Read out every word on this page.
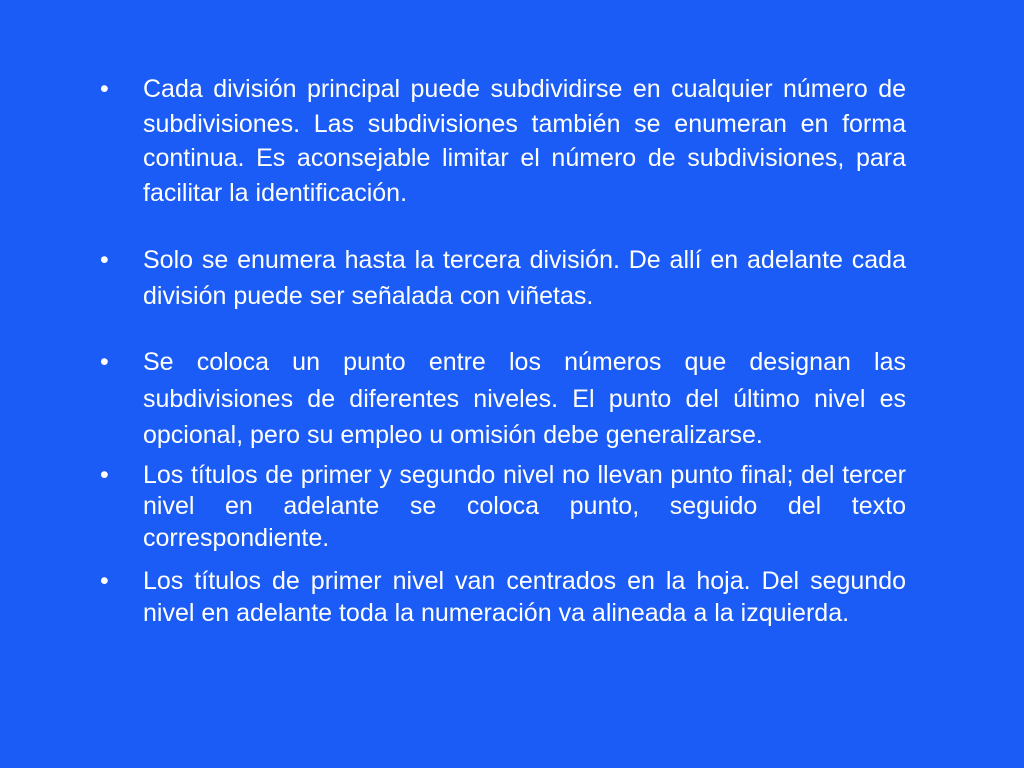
•	Cada división principal puede subdividirse en cualquier número de subdivisiones. Las subdivisiones también se enumeran en forma continua. Es aconsejable limitar el número de subdivisiones, para facilitar la identificación.
•	Solo se enumera hasta la tercera división. De allí en adelante cada división puede ser señalada con viñetas.
•	Se coloca un punto entre los números que designan las subdivisiones de diferentes niveles. El punto del último nivel es opcional, pero su empleo u omisión debe generalizarse.
•	Los títulos de primer y segundo nivel no llevan punto final; del tercer nivel en adelante se coloca punto, seguido del texto correspondiente.
•	Los títulos de primer nivel van centrados en la hoja. Del segundo nivel en adelante toda la numeración va alineada a la izquierda.
